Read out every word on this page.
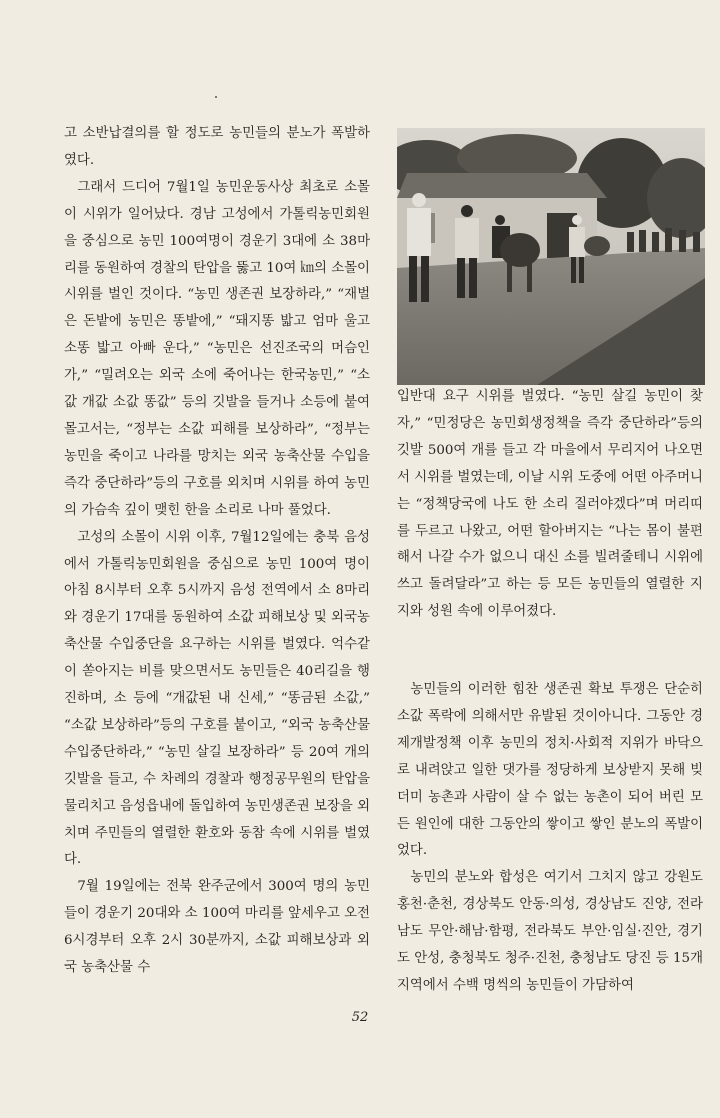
고 소반납결의를 할 정도로 농민들의 분노가 폭발하였다.

그래서 드디어 7월1일 농민운동사상 최초로 소몰이 시위가 일어났다. 경남 고성에서 가톨릭농민회원을 중심으로 농민 100여명이 경운기 3대에 소 38마리를 동원하여 경찰의 탄압을 뚫고 10여 ㎞의 소몰이 시위를 벌인 것이다. “농민 생존권 보장하라,” “재벌은 돈밭에 농민은 똥밭에,” “돼지똥 밟고 엄마 울고 소똥 밟고 아빠 운다,” “농민은 선진조국의 머슴인가,” “밀려오는 외국 소에 죽어나는 한국농민,” “소값 개값 소값 똥값” 등의 깃발을 들거나 소등에 붙여 몰고서는, “정부는 소값 피해를 보상하라”, “정부는 농민을 죽이고 나라를 망치는 외국 농축산물 수입을 즉각 중단하라”등의 구호를 외치며 시위를 하여 농민의 가슴속 깊이 맺힌 한을 소리로 나마 풀었다.

고성의 소몰이 시위 이후, 7월12일에는 충북 음성에서 가톨릭농민회원을 중심으로 농민 100여 명이 아침 8시부터 오후 5시까지 음성 전역에서 소 8마리와 경운기 17대를 동원하여 소값 피해보상 및 외국농축산물 수입중단을 요구하는 시위를 벌였다. 억수같이 쏟아지는 비를 맞으면서도 농민들은 40리길을 행진하며, 소 등에 “개값된 내 신세,” “똥금된 소값,” “소값 보상하라”등의 구호를 붙이고, “외국 농축산물 수입중단하라,” “농민 살길 보장하라” 등 20여 개의 깃발을 들고, 수 차례의 경찰과 행정공무원의 탄압을 물리치고 음성읍내에 돌입하여 농민생존권 보장을 외치며 주민들의 열렬한 환호와 동참 속에 시위를 벌였다.

7월 19일에는 전북 완주군에서 300여 명의 농민들이 경운기 20대와 소 100여 마리를 앞세우고 오전 6시경부터 오후 2시 30분까지, 소값 피해보상과 외국 농축산물 수

입반대 요구 시위를 벌였다. “농민 살길 농민이 찾자,” “민정당은 농민회생정책을 즉각 중단하라”등의 깃발 500여 개를 들고 각 마을에서 무리지어 나오면서 시위를 벌였는데, 이날 시위 도중에 어떤 아주머니는 “정책당국에 나도 한 소리 질러야겠다”며 머리띠를 두르고 나왔고, 어떤 할아버지는 “나는 몸이 불편해서 나갈 수가 없으니 대신 소를 빌려줄테니 시위에 쓰고 돌려달라”고 하는 등 모든 농민들의 열렬한 지지와 성원 속에 이루어졌다.

농민들의 이러한 힘찬 생존권 확보 투쟁은 단순히 소값 폭락에 의해서만 유발된 것이아니다. 그동안 경제개발정책 이후 농민의 정치·사회적 지위가 바닥으로 내려앉고 일한 댓가를 정당하게 보상받지 못해 빚더미 농촌과 사람이 살 수 없는 농촌이 되어 버린 모든 원인에 대한 그동안의 쌓이고 쌓인 분노의 폭발이었다.

농민의 분노와 합성은 여기서 그치지 않고 강원도 홍천·춘천, 경상북도 안동·의성, 경상남도 진양, 전라남도 무안·해남·함평, 전라북도 부안·임실·진안, 경기도 안성, 충청북도 청주·진천, 충청남도 당진 등 15개 지역에서 수백 명씩의 농민들이 가담하여

52
